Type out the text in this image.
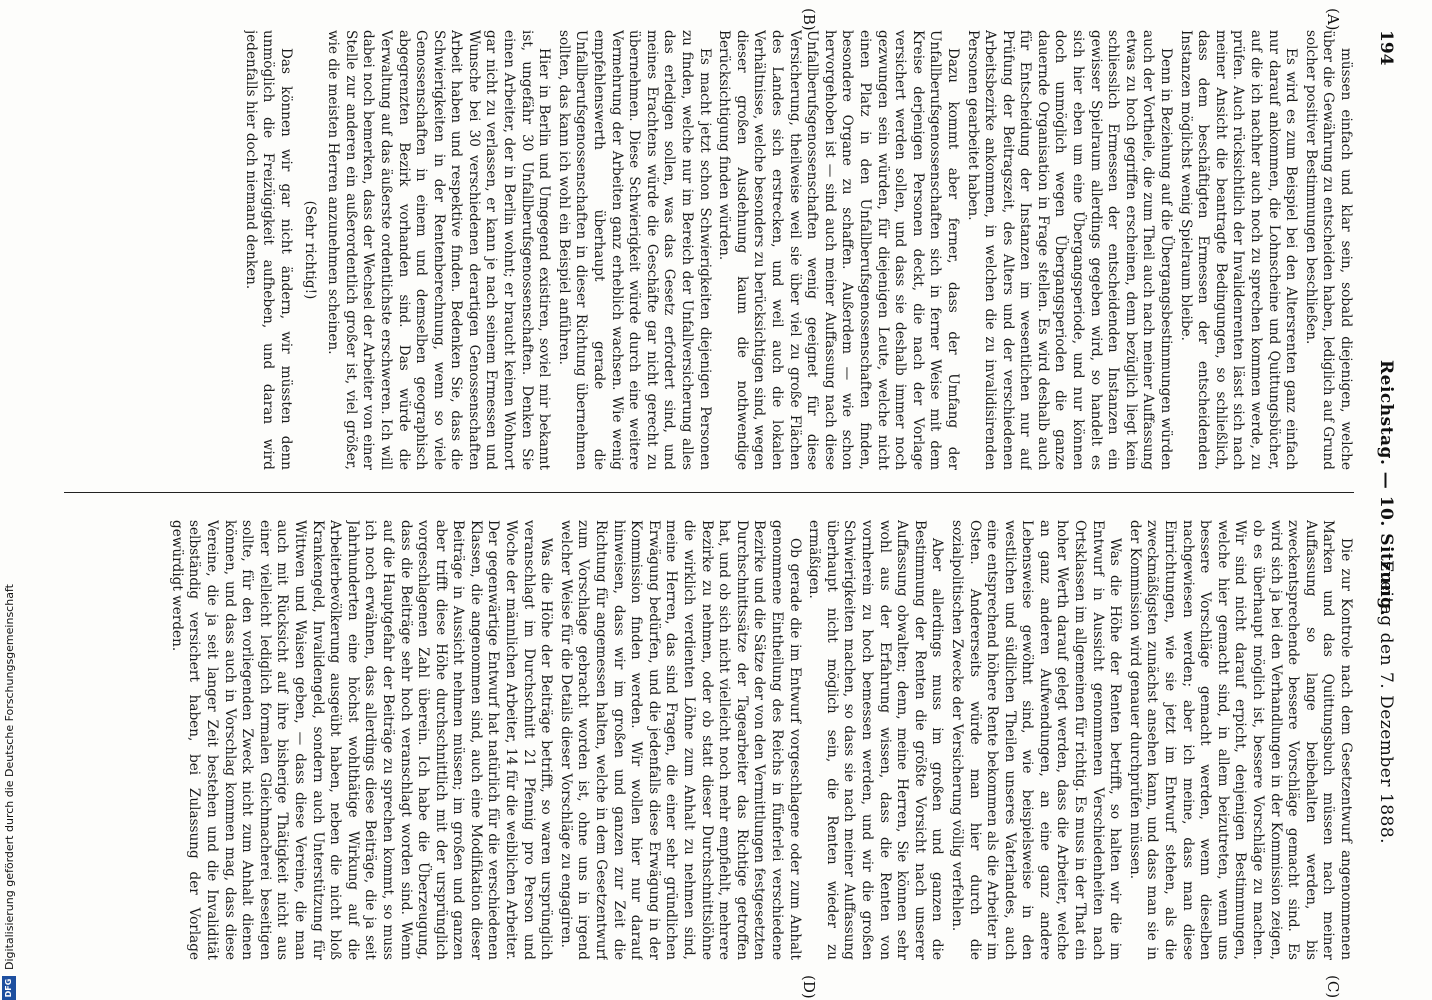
194
Reichstag. — 10. Sitzung.
Freitag den 7. Dezember 1888.
(A)
(B)
(C)
(D)

müssen einfach und klar sein, sobald diejenigen, welche über die Gewährung zu entscheiden haben, lediglich auf Grund solcher positiver Bestimmungen beschließen.

Es wird es zum Beispiel bei den Altersrenten ganz einfach nur darauf ankommen, die Lohnscheine und Quittungsbücher, auf die ich nachher auch noch zu sprechen kommen werde, zu prüfen. Auch rücksichtlich der Invalidenrenten lässt sich nach meiner Ansicht die beantragte Bedingungen, so schließlich, dass dem beschäftigten Ermessen der entscheidenden Instanzen möglichst wenig Spielraum bleibe.

Denn in Beziehung auf die Übergangsbestimmungen würden auch der Vortheile, die zum Theil auch nach meiner Auffassung etwas zu hoch gegriffen erscheinen, denn bezüglich liegt kein schliesslich Ermessen der entscheidenden Instanzen ein gewisser Spielraum allerdings gegeben wird, so handelt es sich hier eben um eine Übergangsperiode, und nur können doch unmöglich wegen Übergangsperioden die ganze dauernde Organisation in Frage stellen. Es wird deshalb auch für Entscheidung der Instanzen im wesentlichen nur auf Prüfung der Beitragszeit, des Alters und der verschiedenen Arbeitsbezirke ankommen, in welchen die zu invalidisirenden Personen gearbeitet haben.

Dazu kommt aber ferner, dass der Umfang der Unfallberufsgenossenschaften sich in ferner Weise mit dem Kreise derjenigen Personen deckt, die nach der Vorlage versichert werden sollen, und dass sie deshalb immer noch gezwungen sein würden, für diejenigen Leute, welche nicht einen Platz in den Unfallberufsgenossenschaften finden, besondere Organe zu schaffen. Außerdem — wie schon hervorgehoben ist — sind auch meiner Auffassung nach diese Unfallberufsgenossenschaften wenig geeignet für diese Versicherung, theilweise weil sie über viel zu große Flächen des Landes sich erstrecken, und weil auch die lokalen Verhältnisse, welche besonders zu berücksichtigen sind, wegen dieser großen Ausdehnung kaum die nothwendige Berücksichtigung finden würden.

Es macht jetzt schon Schwierigkeiten diejenigen Personen zu finden, welche nur im Bereich der Unfallversicherung alles das erledigen sollen, was das Gesetz erfordert sind, und meines Erachtens würde die Geschäfte gar nicht gerecht zu übernehmen. Diese Schwierigkeit würde durch eine weitere Vermehrung der Arbeiten ganz erheblich wachsen. Wie wenig empfehlenswerth überhaupt gerade die Unfallberufsgenossenschaften in dieser Richtung übernehmen sollten, das kann ich wohl ein Beispiel anführen.

Hier in Berlin und Umgegend existiren, soviel mir bekannt ist, ungefähr 30 Unfallberufsgenossenschaften. Denken Sie einen Arbeiter, der in Berlin wohnt; er braucht keinen Wohnort gar nicht zu verlassen, er kann je nach seinem Ermessen und Wunsche bei 30 verschiedenen derartigen Genossenschaften Arbeit haben und respektive finden. Bedenken Sie, dass die Schwierigkeiten in der Rentenberechnung, wenn so viele Genossenschaften in einem und demselben geographisch abgegrenzten Bezirk vorhanden sind. Das würde die Verwaltung auf das äußerste ordentlichste erschweren. Ich will dabei noch bemerken, dass der Wechsel der Arbeiter von einer Stelle zur anderen ein außerordentlich großer ist, viel größer, wie die meisten Herren anzunehmen scheinen.

(Sehr richtig!)

Das können wir gar nicht ändern, wir müssten denn unmöglich die Freizügigkeit aufheben, und daran wird jedenfalls hier doch niemand denken.

Die zur Kontrole nach dem Gesetzentwurf angenommenen Marken und das Quittungsbuch müssen nach meiner Auffassung so lange beibehalten werden, bis zweckentsprechende bessere Vorschläge gemacht sind. Es wird sich ja bei den Verhandlungen in der Kommission zeigen, ob es überhaupt möglich ist, bessere Vorschläge zu machen. Wir sind nicht darauf erpicht, denjenigen Bestimmungen, welche hier gemacht sind, in allem beizutreten, wenn uns bessere Vorschläge gemacht werden, wenn dieselben nachgewiesen werden; aber ich meine, dass man diese Einrichtungen, wie sie jetzt im Entwurf stehen, als die zweckmäßigsten zunächst ansehen kann, und dass man sie in der Kommission wird genauer durchprüfen müssen.

Was die Höhe der Renten betrifft, so halten wir die im Entwurf in Aussicht genommenen Verschiedenheiten nach Ortsklassen im allgemeinen für richtig. Es muss in der That ein hoher Werth darauf gelegt werden, dass die Arbeiter, welche an ganz anderen Aufwendungen, an eine ganz andere Lebensweise gewöhnt sind, wie beispielsweise in den westlichen und südlichen Theilen unseres Vaterlandes, auch eine entsprechend höhere Rente bekommen als die Arbeiter im Osten. Andererseits würde man hier durch die sozialpolitischen Zwecke der Versicherung völlig verfehlen.

Aber allerdings muss im großen und ganzen die Bestimmung der Renten die größte Vorsicht nach unserer Auffassung obwalten; denn, meine Herren, Sie können sehr wohl aus der Erfahrung wissen, dass die Renten von vornherein zu hoch bemessen werden, und wir die großen Schwierigkeiten machen, so dass sie nach meiner Auffassung überhaupt nicht möglich sein, die Renten wieder zu ermäßigen.

Ob gerade die im Entwurf vorgeschlagene oder zum Anhalt genommene Eintheilung des Reichs in fünferlei verschiedene Bezirke und die Sätze der von den Vermittlungen festgesetzten Durchschnittssätze der Tagearbeiter das Richtige getroffen hat, und ob sich nicht vielleicht noch mehr empfiehlt, mehrere Bezirke zu nehmen, oder ob statt dieser Durchschnittslöhne die wirklich verdienten Löhne zum Anhalt zu nehmen sind, meine Herren, das sind Fragen, die einer sehr gründlichen Erwägung bedürfen, und die jedenfalls diese Erwägung in der Kommission finden werden. Wir wollen hier nur darauf hinweisen, dass wir im großen und ganzen zur Zeit die Richtung für angemessen halten, welche in dem Gesetzentwurf zum Vorschlage gebracht worden ist, ohne uns in irgend welcher Weise für die Details dieser Vorschläge zu engagiren.

Was die Höhe der Beiträge betrifft, so waren ursprünglich veranschlagt im Durchschnitt 21 Pfennig pro Person und Woche der männlichen Arbeiter, 14 für die weiblichen Arbeiter. Der gegenwärtige Entwurf hat natürlich für die verschiedenen Klassen, die angenommen sind, auch eine Modifikation dieser Beiträge in Aussicht nehmen müssen; im großen und ganzen aber trifft diese Höhe durchschnittlich mit der ursprünglich vorgeschlagenen Zahl überein. Ich habe die Überzeugung, dass die Beiträge sehr hoch veranschlagt worden sind. Wenn auf die Hauptgefahr der Beiträge zu sprechen kommt, so muss ich noch erwähnen, dass allerdings diese Beiträge, die ja seit Jahrhunderten eine höchst wohlthätige Wirkung auf die Arbeiterbevölkerung ausgeübt haben, neben die nicht bloß Krankengeld, Invalidengeld, sondern auch Unterstützung für Wittwen und Waisen geben, — dass diese Vereine, die man auch mit Rücksicht auf ihre bisherige Thätigkeit nicht aus einer vielleicht lediglich formalen Gleichmacherei beseitigen sollte, für den vorliegenden Zweck nicht zum Anhalt dienen können, und dass auch in Vorschlag kommen mag, dass diese Vereine, die ja seit langer Zeit bestehen und die Invalidität selbständig versichert haben, bei Zulassung der Vorlage gewürdigt werden.

DFG
Digitalisierung gefördert durch die Deutsche Forschungsgemeinschaft
